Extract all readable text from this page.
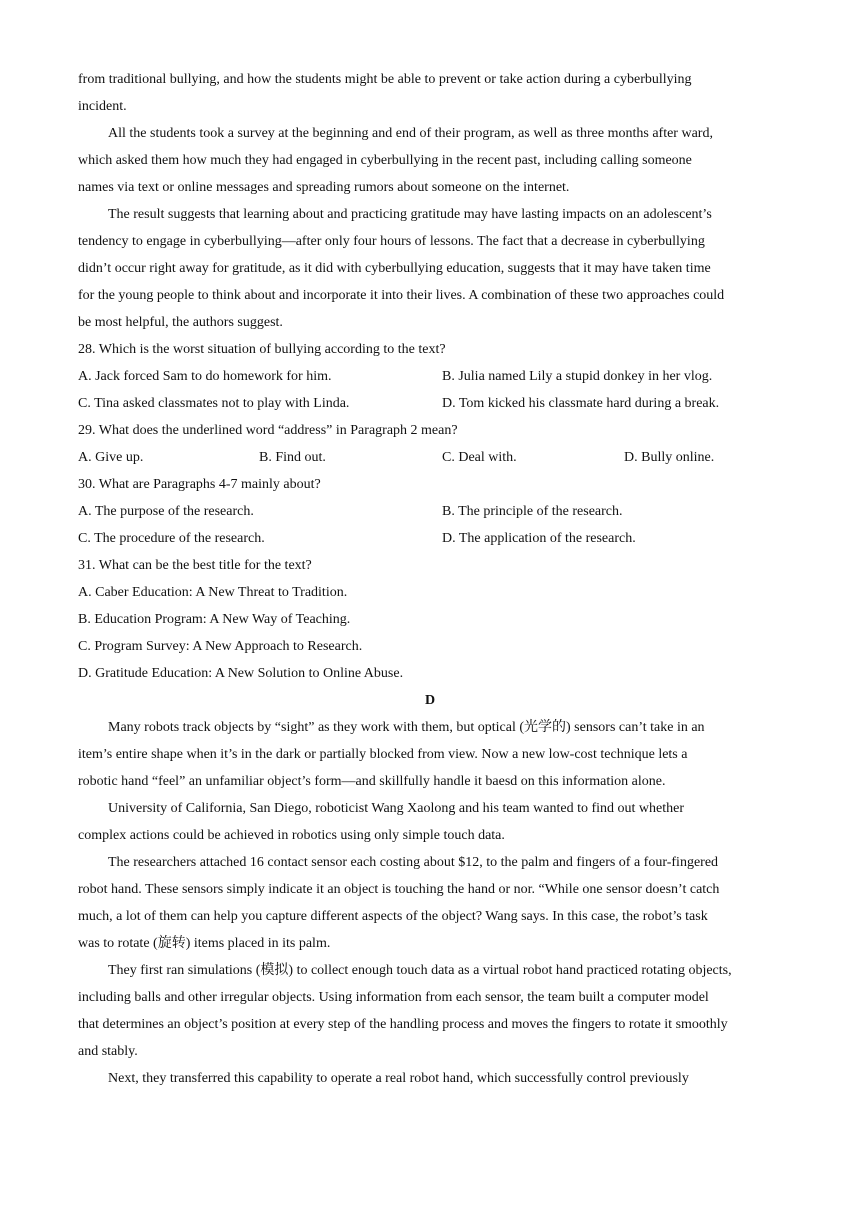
from traditional bullying, and how the students might be able to prevent or take action during a cyberbullying
incident.
All the students took a survey at the beginning and end of their program, as well as three months after ward,
which asked them how much they had engaged in cyberbullying in the recent past, including calling someone
names via text or online messages and spreading rumors about someone on the internet.
The result suggests that learning about and practicing gratitude may have lasting impacts on an adolescent’s
tendency to engage in cyberbullying—after only four hours of lessons. The fact that a decrease in cyberbullying
didn’t occur right away for gratitude, as it did with cyberbullying education, suggests that it may have taken time
for the young people to think about and incorporate it into their lives. A combination of these two approaches could
be most helpful, the authors suggest.
28. Which is the worst situation of bullying according to the text?
A. Jack forced Sam to do homework for him.	B. Julia named Lily a stupid donkey in her vlog.
C. Tina asked classmates not to play with Linda.	D. Tom kicked his classmate hard during a break.
29. What does the underlined word “address” in Paragraph 2 mean?
A. Give up.	B. Find out.	C. Deal with.	D. Bully online.
30. What are Paragraphs 4-7 mainly about?
A. The purpose of the research.	B. The principle of the research.
C. The procedure of the research.	D. The application of the research.
31. What can be the best title for the text?
A. Caber Education: A New Threat to Tradition.
B. Education Program: A New Way of Teaching.
C. Program Survey: A New Approach to Research.
D. Gratitude Education: A New Solution to Online Abuse.
D
Many robots track objects by “sight” as they work with them, but optical (光学的) sensors can’t take in an
item’s entire shape when it’s in the dark or partially blocked from view. Now a new low-cost technique lets a
robotic hand “feel” an unfamiliar object’s form—and skillfully handle it baesd on this information alone.
University of California, San Diego, roboticist Wang Xaolong and his team wanted to find out whether
complex actions could be achieved in robotics using only simple touch data.
The researchers attached 16 contact sensor each costing about $12, to the palm and fingers of a four-fingered
robot hand. These sensors simply indicate it an object is touching the hand or nor. “While one sensor doesn’t catch
much, a lot of them can help you capture different aspects of the object? Wang says. In this case, the robot’s task
was to rotate (旋转) items placed in its palm.
They first ran simulations (模拟) to collect enough touch data as a virtual robot hand practiced rotating objects,
including balls and other irregular objects. Using information from each sensor, the team built a computer model
that determines an object’s position at every step of the handling process and moves the fingers to rotate it smoothly
and stably.
Next, they transferred this capability to operate a real robot hand, which successfully control previously
